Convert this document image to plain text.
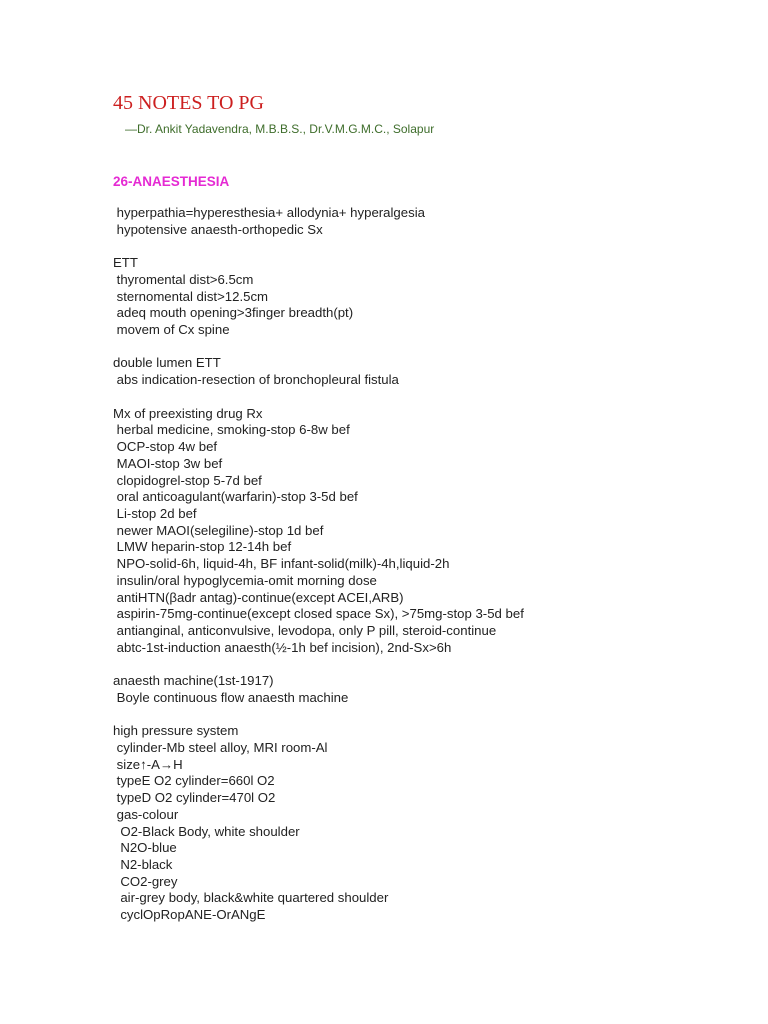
45 NOTES TO PG
—Dr. Ankit Yadavendra, M.B.B.S., Dr.V.M.G.M.C., Solapur
26-ANAESTHESIA
hyperpathia=hyperesthesia+ allodynia+ hyperalgesia
hypotensive anaesth-orthopedic Sx
ETT
thyromental dist>6.5cm
sternomental dist>12.5cm
adeq mouth opening>3finger breadth(pt)
movem of Cx spine
double lumen ETT
abs indication-resection of bronchopleural fistula
Mx of preexisting drug Rx
herbal medicine, smoking-stop 6-8w bef
OCP-stop 4w bef
MAOI-stop 3w bef
clopidogrel-stop 5-7d bef
oral anticoagulant(warfarin)-stop 3-5d bef
Li-stop 2d bef
newer MAOI(selegiline)-stop 1d bef
LMW heparin-stop 12-14h bef
NPO-solid-6h, liquid-4h, BF infant-solid(milk)-4h,liquid-2h
insulin/oral hypoglycemia-omit morning dose
antiHTN(βadr antag)-continue(except ACEI,ARB)
aspirin-75mg-continue(except closed space Sx), >75mg-stop 3-5d bef
antianginal, anticonvulsive, levodopa, only P pill, steroid-continue
abtc-1st-induction anaesth(½-1h bef incision), 2nd-Sx>6h
anaesth machine(1st-1917)
Boyle continuous flow anaesth machine
high pressure system
cylinder-Mb steel alloy, MRI room-Al
size↑-A→H
typeE O2 cylinder=660l O2
typeD O2 cylinder=470l O2
gas-colour
O2-Black Body, white shoulder
N2O-blue
N2-black
CO2-grey
air-grey body, black&white quartered shoulder
cyclOpRopANE-OrANgE
